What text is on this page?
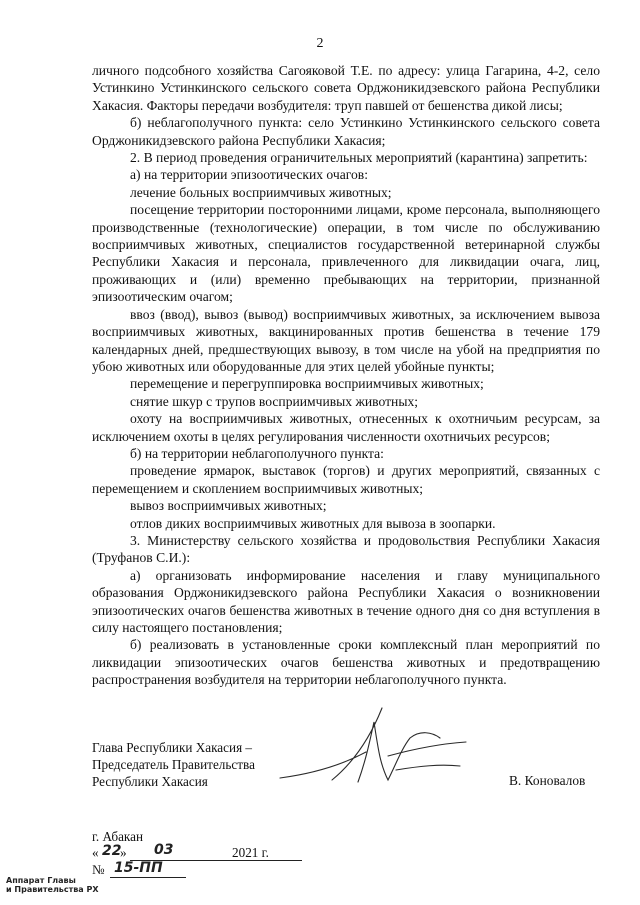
2

личного подсобного хозяйства Сагояковой Т.Е. по адресу: улица Гагарина, 4-2, село Устинкино Устинкинского сельского совета Орджоникидзевского района Республики Хакасия. Факторы передачи возбудителя: труп павшей от бешенства дикой лисы;

б) неблагополучного пункта: село Устинкино Устинкинского сельского совета Орджоникидзевского района Республики Хакасия;

2. В период проведения ограничительных мероприятий (карантина) запретить:

а) на территории эпизоотических очагов:

лечение больных восприимчивых животных;

посещение территории посторонними лицами, кроме персонала, выполняющего производственные (технологические) операции, в том числе по обслуживанию восприимчивых животных, специалистов государственной ветеринарной службы Республики Хакасия и персонала, привлеченного для ликвидации очага, лиц, проживающих и (или) временно пребывающих на территории, признанной эпизоотическим очагом;

ввоз (ввод), вывоз (вывод) восприимчивых животных, за исключением вывоза восприимчивых животных, вакцинированных против бешенства в течение 179 календарных дней, предшествующих вывозу, в том числе на убой на предприятия по убою животных или оборудованные для этих целей убойные пункты;

перемещение и перегруппировка восприимчивых животных;

снятие шкур с трупов восприимчивых животных;

охоту на восприимчивых животных, отнесенных к охотничьим ресурсам, за исключением охоты в целях регулирования численности охотничьих ресурсов;

б) на территории неблагополучного пункта:

проведение ярмарок, выставок (торгов) и других мероприятий, связанных с перемещением и скоплением восприимчивых животных;

вывоз восприимчивых животных;

отлов диких восприимчивых животных для вывоза в зоопарки.

3. Министерству сельского хозяйства и продовольствия Республики Хакасия (Труфанов С.И.):

а) организовать информирование населения и главу муниципального образования Орджоникидзевского района Республики Хакасия о возникновении эпизоотических очагов бешенства животных в течение одного дня со дня вступления в силу настоящего постановления;

б) реализовать в установленные сроки комплексный план мероприятий по ликвидации эпизоотических очагов бешенства животных и предотвращению распространения возбудителя на территории неблагополучного пункта.

Глава Республики Хакасия –
Председатель Правительства
Республики Хакасия	В. Коновалов
г. Абакан
« 22
» 03	2021 г.
№ 15-ПП
Аппарат Главы
и Правительства РХ
